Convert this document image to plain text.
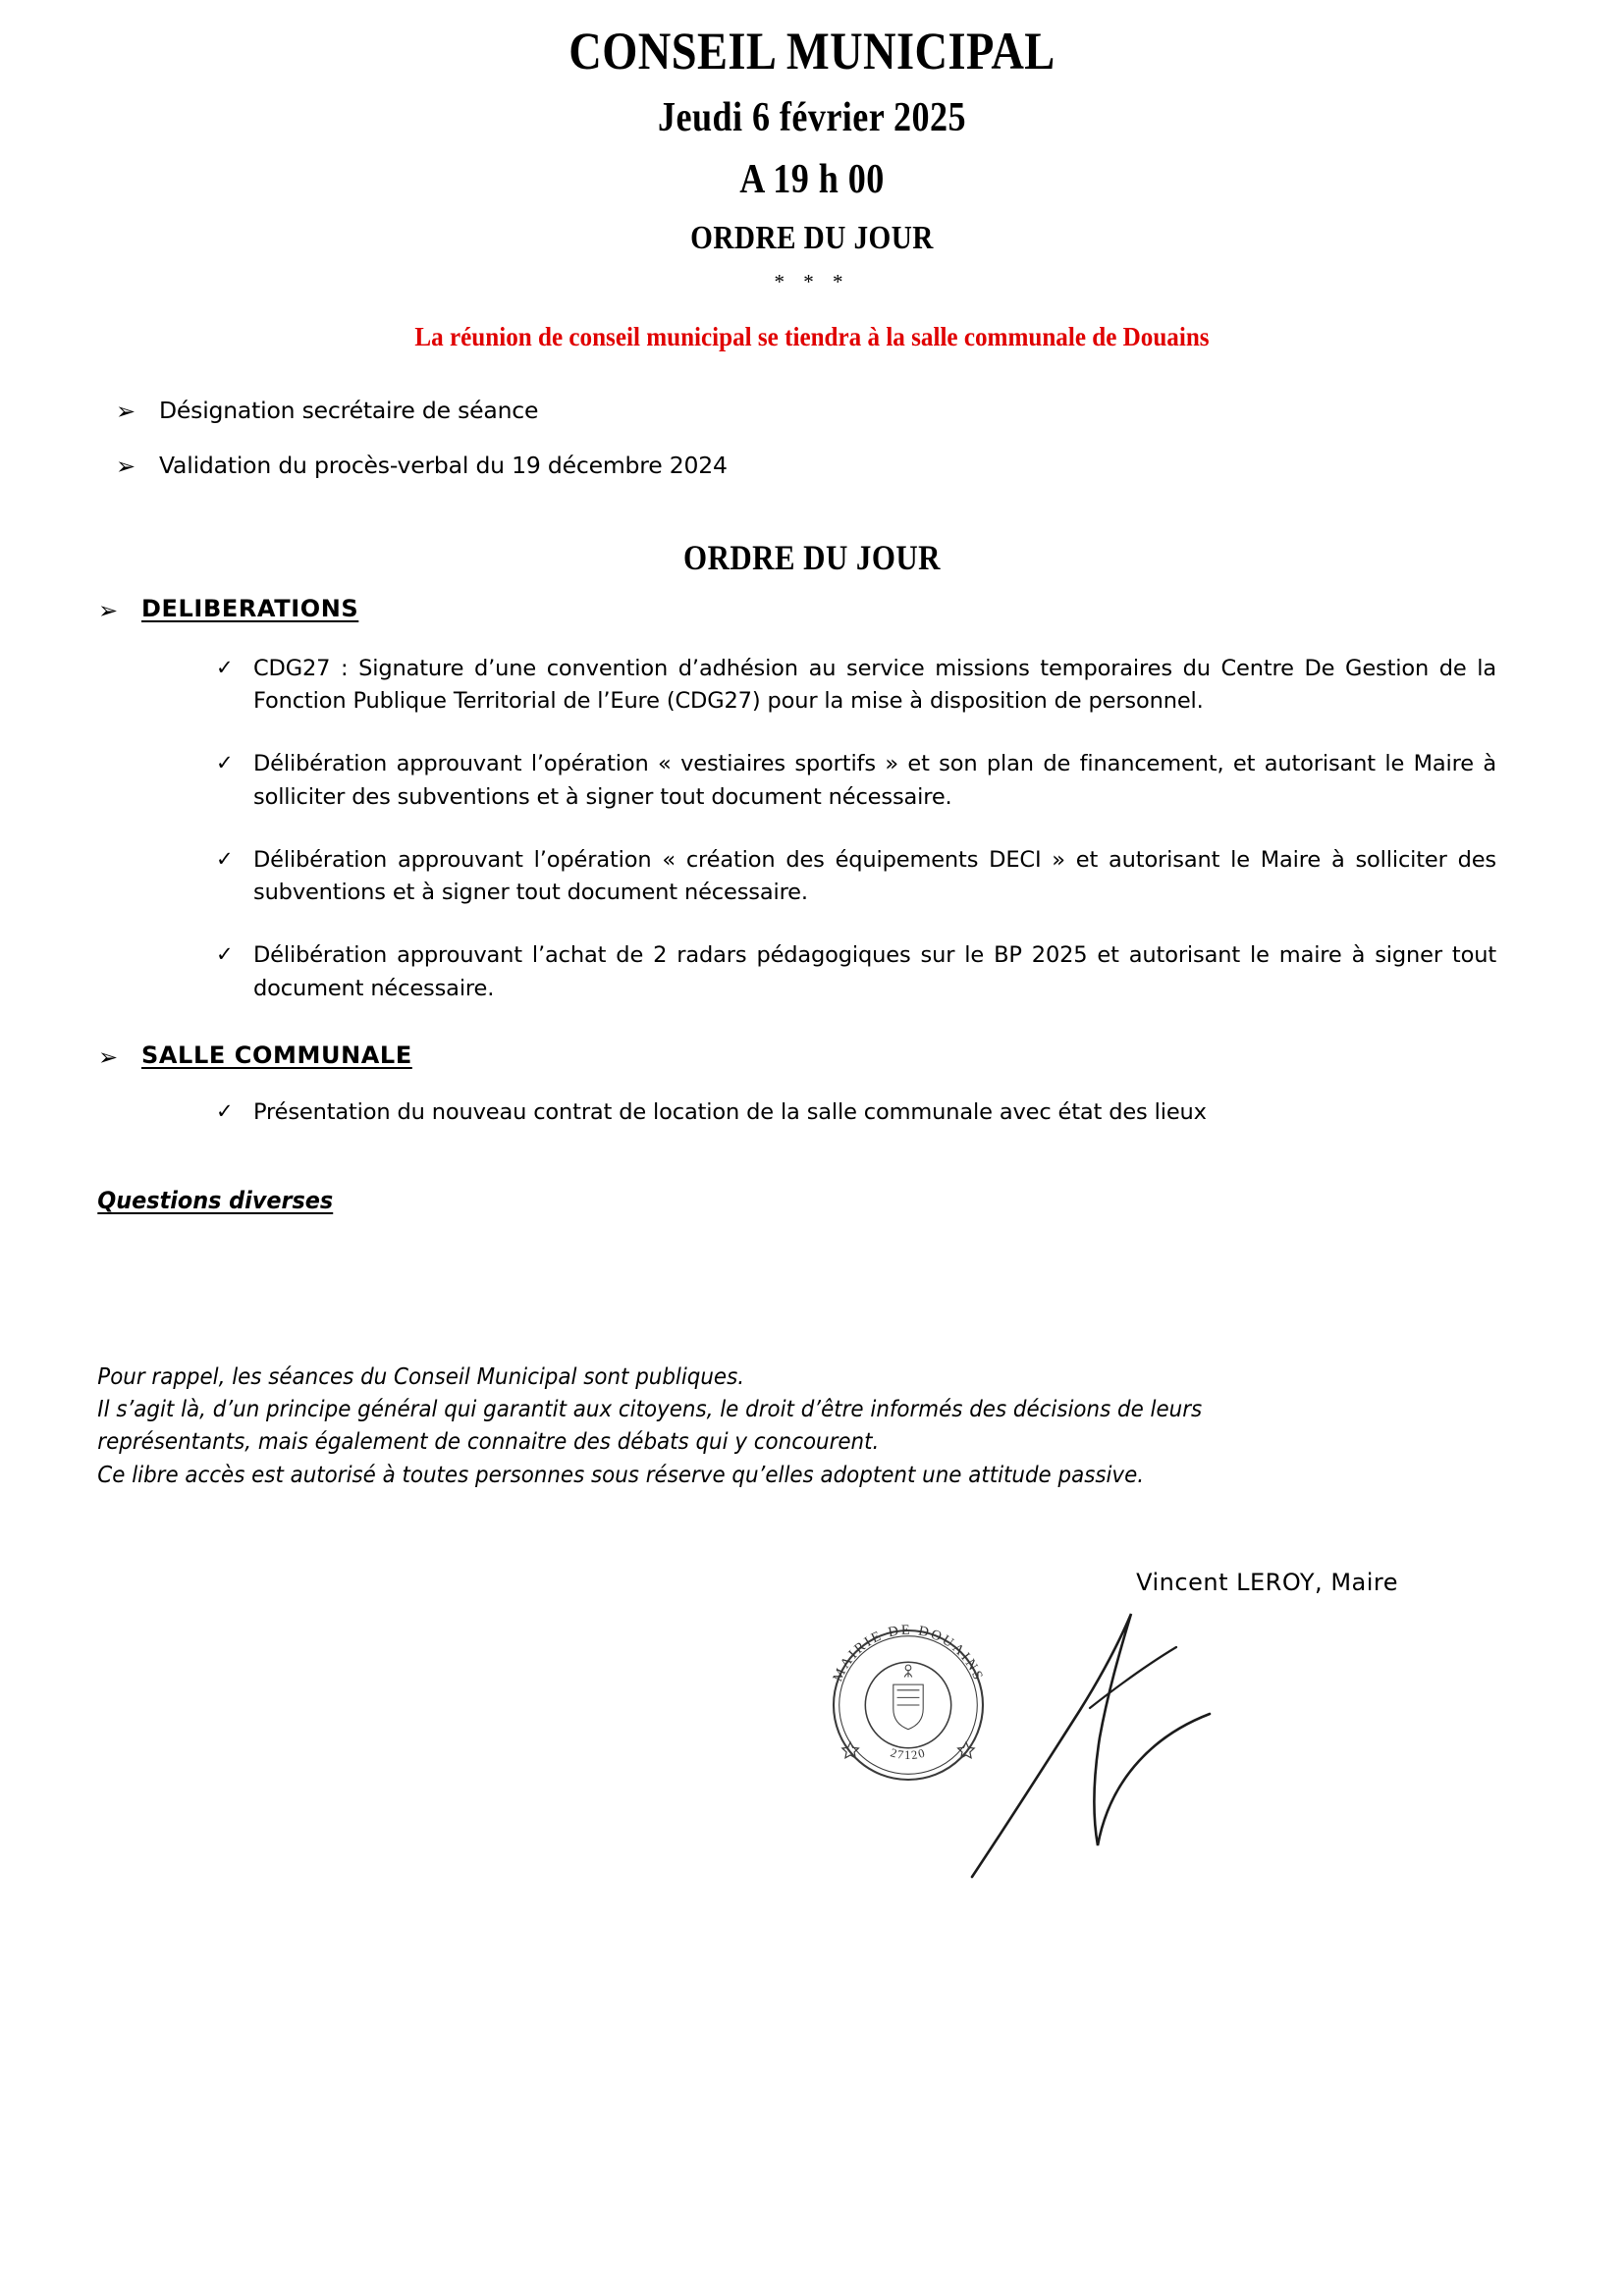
CONSEIL MUNICIPAL
Jeudi 6 février 2025
A 19 h 00
ORDRE DU JOUR
* * *
La réunion de conseil municipal se tiendra à la salle communale de Douains
➢	Désignation secrétaire de séance
➢	Validation du procès-verbal du 19 décembre 2024
ORDRE DU JOUR
➢ DELIBERATIONS
✓ CDG27 : Signature d’une convention d’adhésion au service missions temporaires du Centre De Gestion de la Fonction Publique Territorial de l’Eure (CDG27) pour la mise à disposition de personnel.
✓ Délibération approuvant l’opération « vestiaires sportifs » et son plan de financement, et autorisant le Maire à solliciter des subventions et à signer tout document nécessaire.
✓ Délibération approuvant l’opération « création des équipements DECI » et autorisant le Maire à solliciter des subventions et à signer tout document nécessaire.
✓ Délibération approuvant l’achat de 2 radars pédagogiques sur le BP 2025 et autorisant le maire à signer tout document nécessaire.
➢ SALLE COMMUNALE
✓ Présentation du nouveau contrat de location de la salle communale avec état des lieux
Questions diverses

Pour rappel, les séances du Conseil Municipal sont publiques.

Il s’agit là, d’un principe général qui garantit aux citoyens, le droit d’être informés des décisions de leurs représentants, mais également de connaitre des débats qui y concourent.

Ce libre accès est autorisé à toutes personnes sous réserve qu’elles adoptent une attitude passive.

Vincent LEROY, Maire
MAIRIE DE DOUAINS
27120
